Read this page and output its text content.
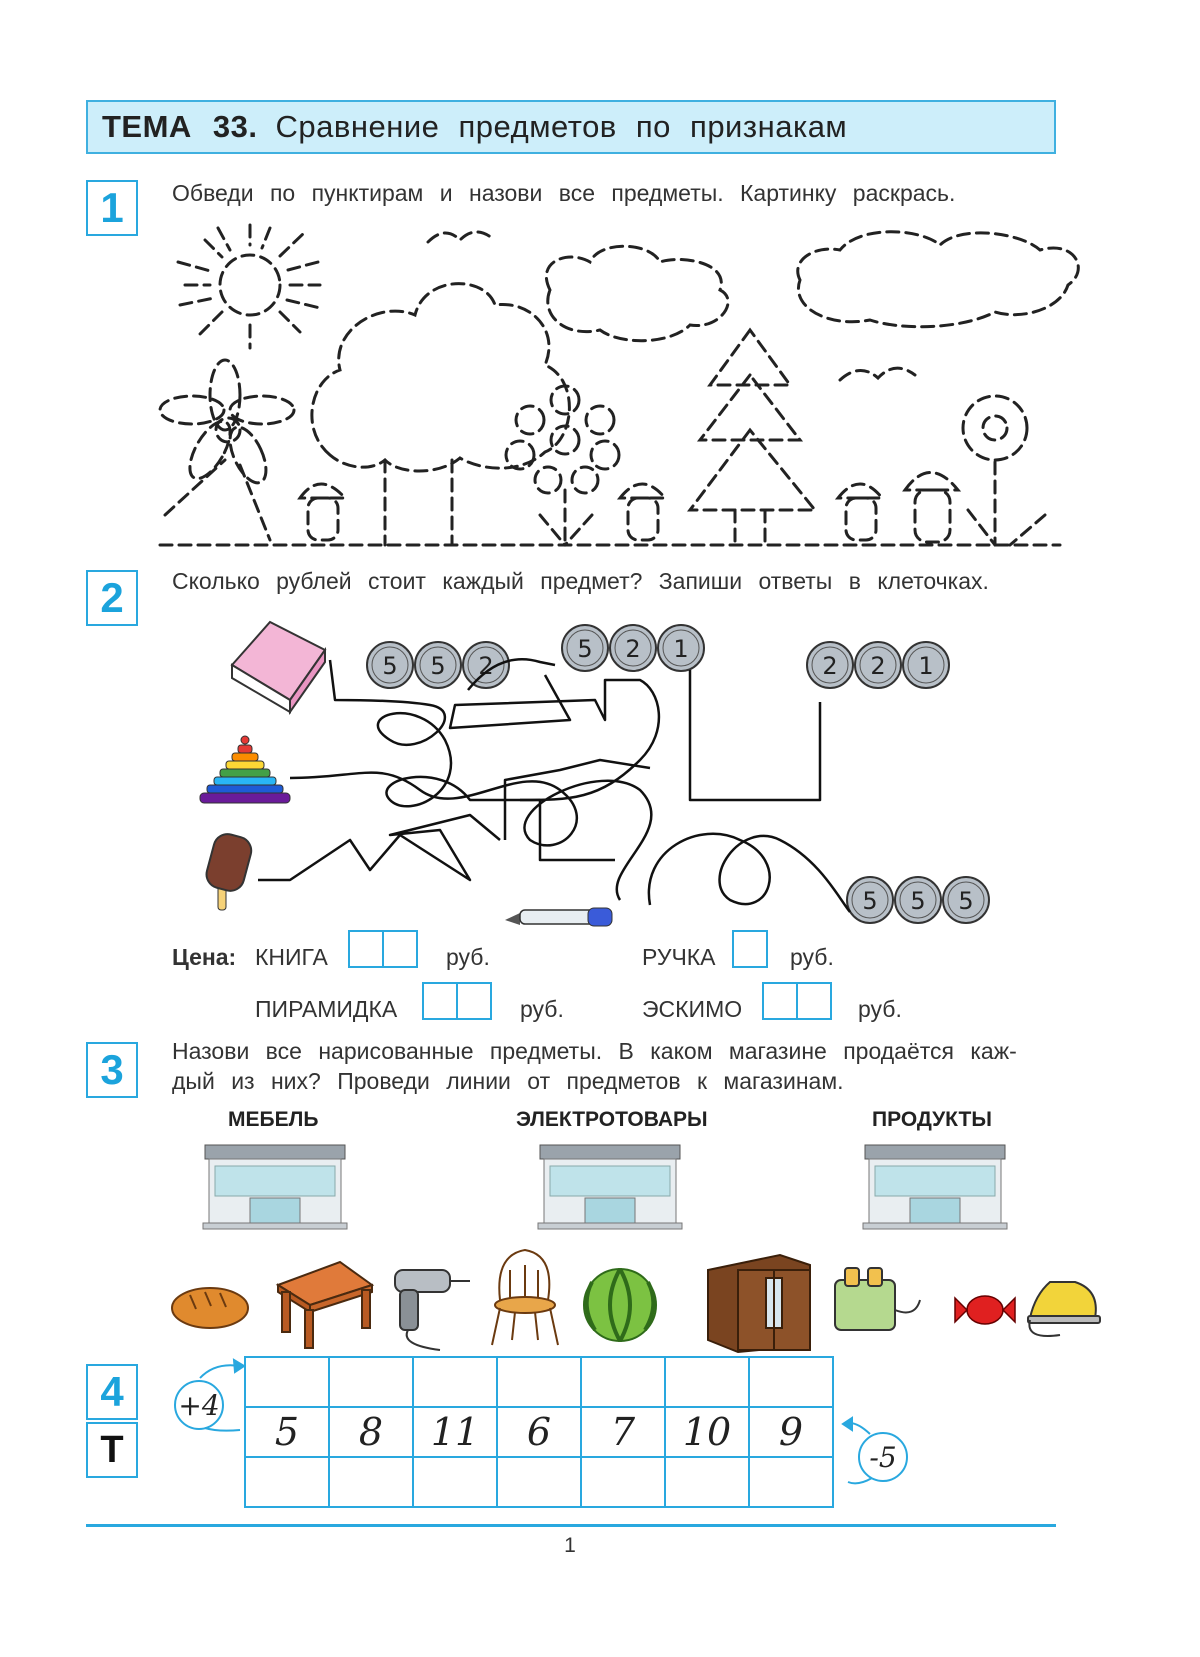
ТЕМА 33. Сравнение предметов по признакам
1	Обведи по пунктирам и назови все предметы. Картинку раскрась.
2	Сколько рублей стоит каждый предмет? Запиши ответы в клеточках.
5 5 2
5 2 1
2 2 1
5 5 5
Цена: КНИГА	руб.	РУЧКА	руб.
ПИРАМИДКА	руб.	ЭСКИМО	руб.
3	Назови все нарисованные предметы. В каком магазине продаётся каж-
дый из них? Проведи линии от предметов к магазинам.
МЕБЕЛЬ	ЭЛЕКТРОТОВАРЫ	ПРОДУКТЫ
4
Т
							5	8	11	6	7	10	9

+4
-5
1
